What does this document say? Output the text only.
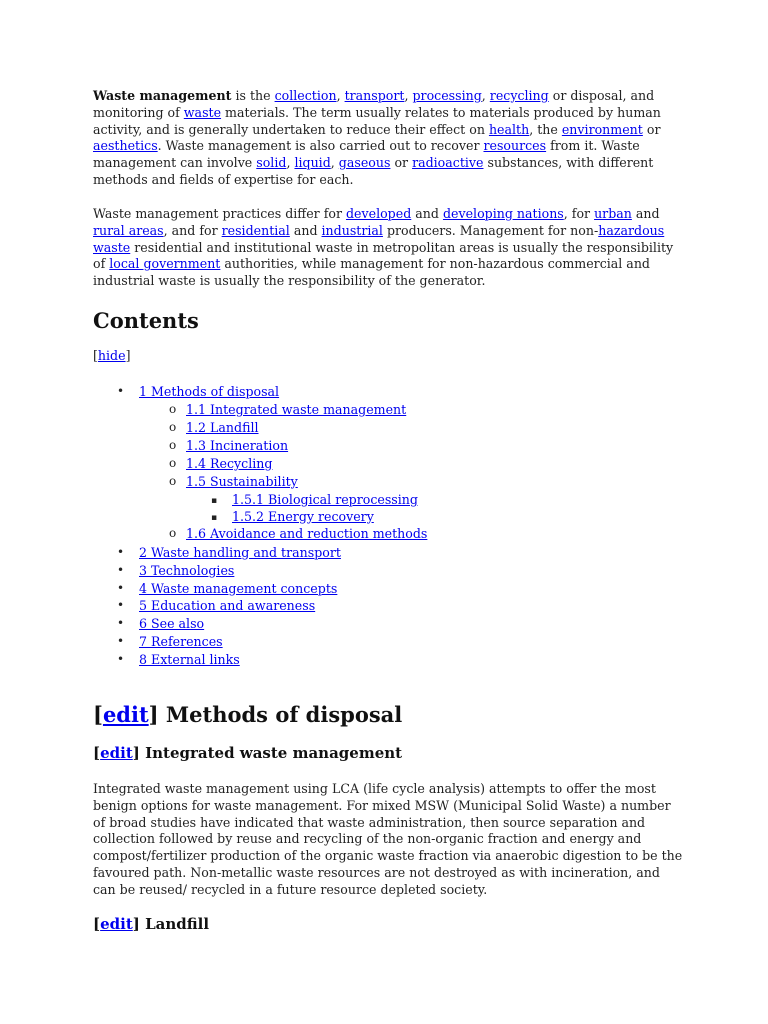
Waste management is the collection, transport, processing, recycling or disposal, and monitoring of waste materials. The term usually relates to materials produced by human activity, and is generally undertaken to reduce their effect on health, the environment or aesthetics. Waste management is also carried out to recover resources from it. Waste management can involve solid, liquid, gaseous or radioactive substances, with different methods and fields of expertise for each.

Waste management practices differ for developed and developing nations, for urban and rural areas, and for residential and industrial producers. Management for non-hazardous waste residential and institutional waste in metropolitan areas is usually the responsibility of local government authorities, while management for non-hazardous commercial and industrial waste is usually the responsibility of the generator.

Contents

[hide]

• 1 Methods of disposal
o 1.1 Integrated waste management
o 1.2 Landfill
o 1.3 Incineration
o 1.4 Recycling
o 1.5 Sustainability
▪ 1.5.1 Biological reprocessing
▪ 1.5.2 Energy recovery
o 1.6 Avoidance and reduction methods
• 2 Waste handling and transport
• 3 Technologies
• 4 Waste management concepts
• 5 Education and awareness
• 6 See also
• 7 References
• 8 External links
[edit] Methods of disposal
[edit] Integrated waste management

Integrated waste management using LCA (life cycle analysis) attempts to offer the most benign options for waste management. For mixed MSW (Municipal Solid Waste) a number of broad studies have indicated that waste administration, then source separation and collection followed by reuse and recycling of the non-organic fraction and energy and compost/fertilizer production of the organic waste fraction via anaerobic digestion to be the favoured path. Non-metallic waste resources are not destroyed as with incineration, and can be reused/ recycled in a future resource depleted society.

[edit] Landfill
